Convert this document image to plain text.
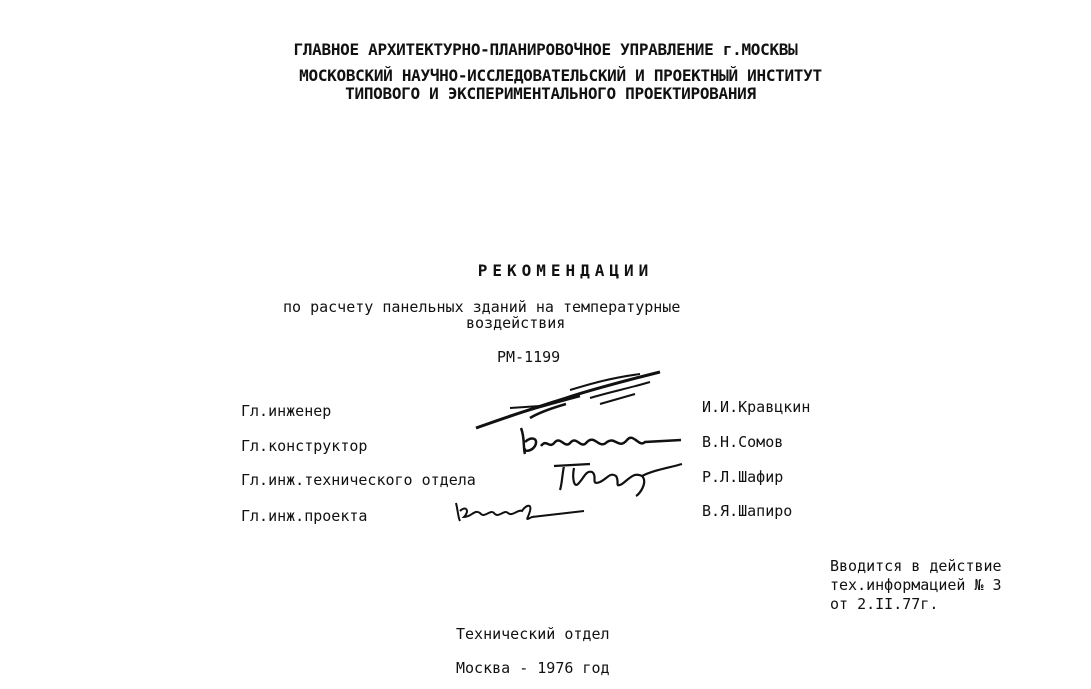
ГЛАВНОЕ АРХИТЕКТУРНО-ПЛАНИРОВОЧНОЕ УПРАВЛЕНИЕ г.МОСКВЫ
МОСКОВСКИЙ НАУЧНО-ИССЛЕДОВАТЕЛЬСКИЙ И ПРОЕКТНЫЙ ИНСТИТУТ
ТИПОВОГО И ЭКСПЕРИМЕНТАЛЬНОГО ПРОЕКТИРОВАНИЯ
РЕКОМЕНДАЦИИ
по расчету панельных зданий на температурные
воздействия
РМ-1199
Гл.инженер
Гл.конструктор
Гл.инж.технического отдела
Гл.инж.проекта
И.И.Кравцкин
В.Н.Сомов
Р.Л.Шафир
В.Я.Шапиро
Вводится в действие
тех.информацией № 3
от 2.II.77г.
Технический отдел
Москва - 1976 год
